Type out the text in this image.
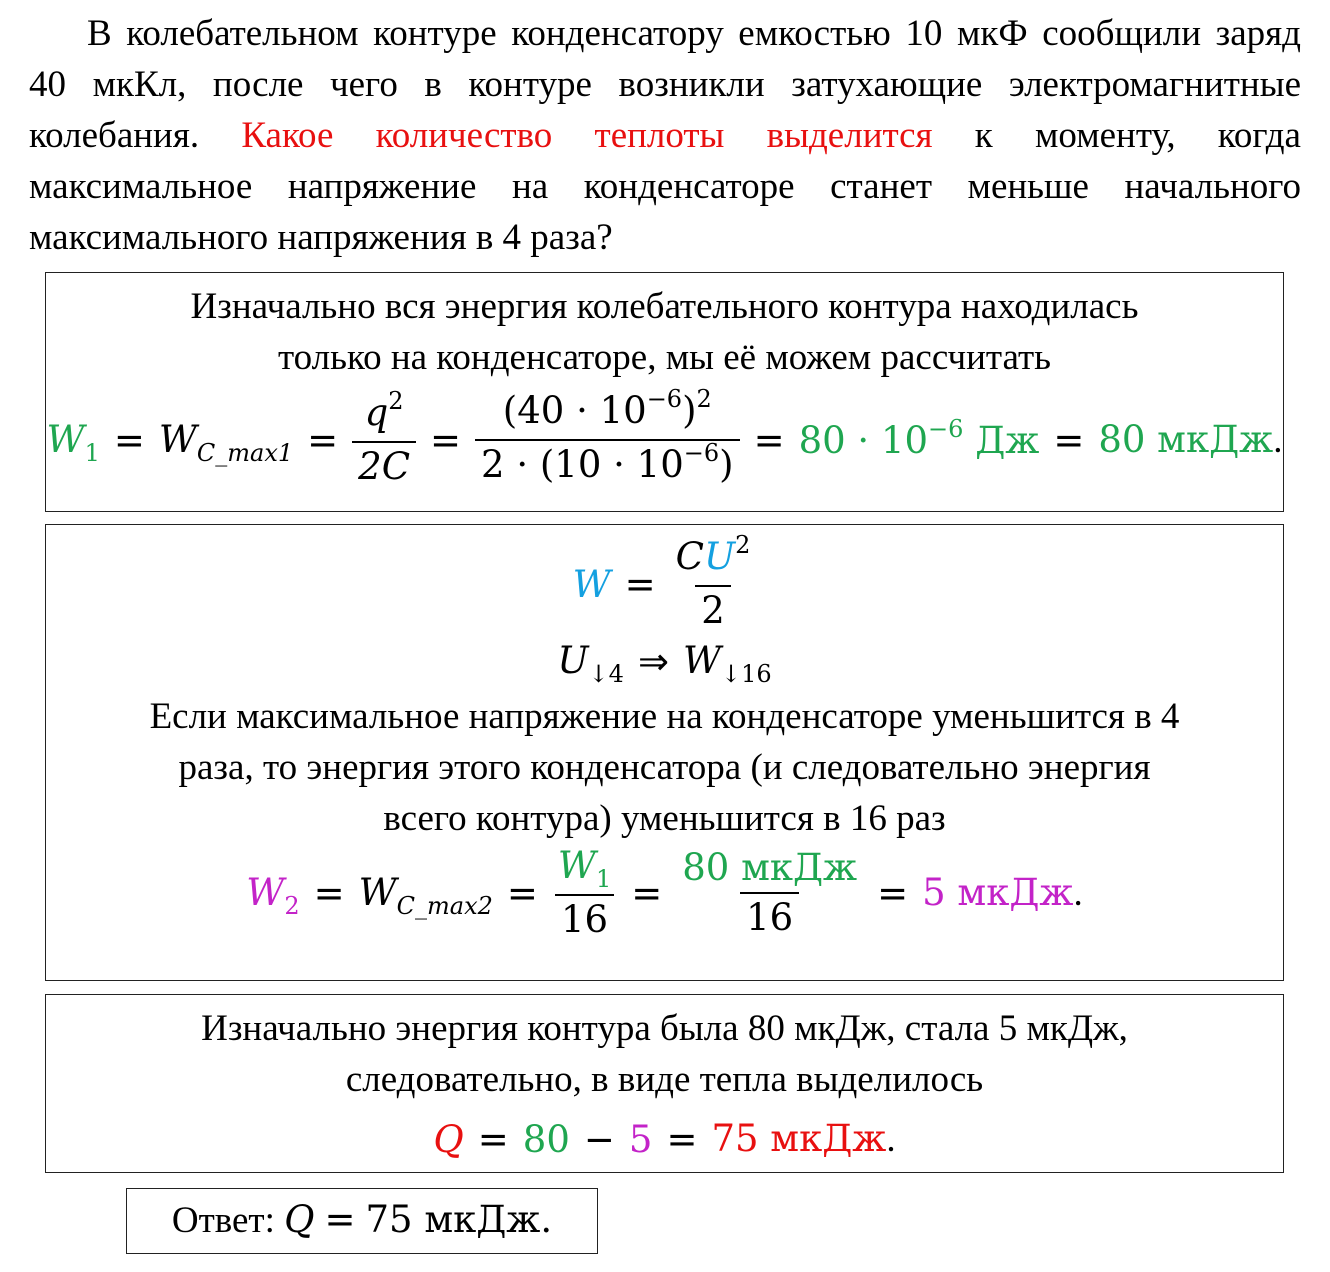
В колебательном контуре конденсатору емкостью 10 мкФ сообщили заряд 40 мкКл, после чего в контуре возникли затухающие электромагнитные колебания. Какое количество теплоты выделится к моменту, когда максимальное напряжение на конденсаторе станет меньше начального максимального напряжения в 4 раза?
Изначально вся энергия колебательного контура находилась
только на конденсаторе, мы её можем рассчитать
$W_1 = W_{C\_max1} = \frac{q^2}{2C} = \frac{(40 \cdot 10^{-6})^2}{2 \cdot (10 \cdot 10^{-6})} = 80 \cdot 10^{-6}$ Дж = 80 мкДж.
$W = \frac{CU^2}{2}$
$U_{↓4}$ ⇒ $W_{↓16}$
Если максимальное напряжение на конденсаторе уменьшится в 4
раза, то энергия этого конденсатора (и следовательно энергия
всего контура) уменьшится в 16 раз
$W_2 = W_{C\_max2} = \frac{W_1}{16} = \frac{\text{80 мкДж}}{16} = 5$ мкДж.
Изначально энергия контура была 80 мкДж, стала 5 мкДж,
следовательно, в виде тепла выделилось
Q = 80 − 5 = 75 мкДж.
Ответ: Q = 75 мкДж.
